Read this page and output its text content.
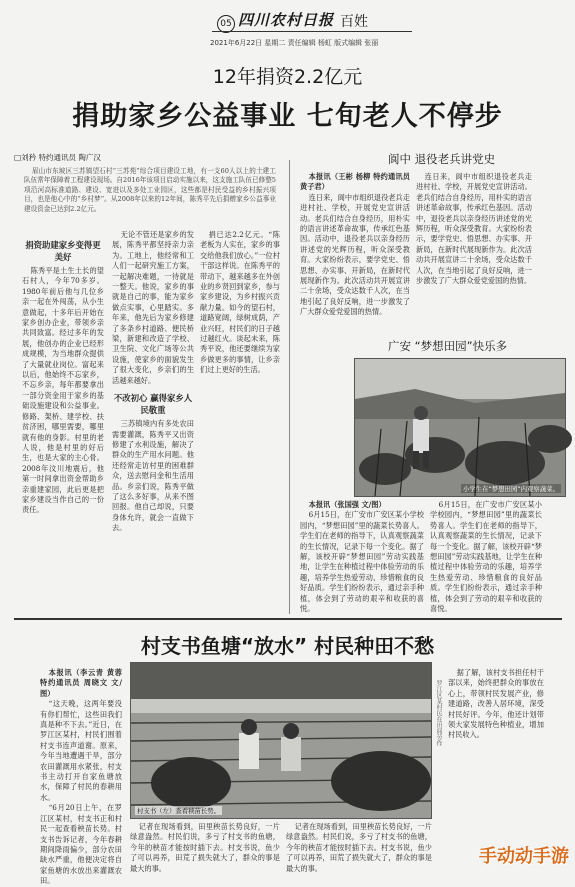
05 四川农村日报 百姓
2021年6月22日 星期二 责任编辑 杨虹 版式编辑 张丽
12年捐资2.2亿元
捐助家乡公益事业 七旬老人不停步
□刘矜 特约通讯员 陶广汉

眉山市东坡区三苏镇望石村“三苏苑”综合项目建设工地，有一支60人以上的土建工队伍常年保障着工程建设现场。自2016年该项目启动实施以来，这支施工队伍已修整5项沿河高标准道路、建设、宽进以及多处工业园区，这些都是村民受益的乡村振兴项目，也是他心中的“乡村梦”。从2008年以来的12年间，陈秀平先后捐赠家乡公益事业建设资金已达到2.2亿元。

捐资助建家乡变得更美好

陈秀平是土生土长的望石村人，今年70多岁。1980年前后他与几位乡亲一起在外闯荡，从小生意做起，十多年后开始在家乡创办企业，带领乡亲共同致富。经过多年的发展，他创办的企业已经形成规模，为当地群众提供了大量就业岗位。富起来以后，他始终不忘家乡，不忘乡亲，每年都要拿出一部分资金用于家乡的基础设施建设和公益事业。修路、架桥、建学校、扶贫济困，哪里需要，哪里就有他的身影。村里的老人说，他是村里的好后生，也是大家的主心骨。2008年汶川地震后，他第一时间拿出资金帮助乡亲重建家园，此后更是把家乡建设当作自己的一份责任。

无论不管还是家乡的发展，陈秀平都坚持亲力亲为。工地上，他经常和工人们一起研究施工方案，一起解决难题，一待就是一整天。他说，家乡的事就是自己的事，能为家乡做点实事，心里踏实。多年来，他先后为家乡修建了多条乡村道路、便民桥梁，新建和改造了学校、卫生院、文化广场等公共设施，使家乡的面貌发生了很大变化，乡亲们的生活越来越好。

不改初心 赢得家乡人民敬重

三苏镇境内有多处农田需要灌溉，陈秀平又出资修建了水利设施，解决了群众的生产用水问题。他还经常走访村里的困难群众，送去慰问金和生活用品。乡亲们说，陈秀平做了这么多好事，从来不图回报。他自己却说，只要身体允许，就会一直做下去。

捐已达2.2亿元。“陈老板为人实在，家乡的事交给他我们放心。”一位村干部这样说。在陈秀平的带动下，越来越多在外创业的乡贤回到家乡，参与家乡建设，为乡村振兴贡献力量。如今的望石村，道路宽阔，绿树成荫，产业兴旺，村民们的日子越过越红火。谈起未来，陈秀平说，他还要继续为家乡做更多的事情，让乡亲们过上更好的生活。

阆中 退役老兵讲党史

本报讯（王彬 杨柳 特约通讯员 黄子君）

连日来，阆中市组织退役老兵走进村社、学校，开展党史宣讲活动。老兵们结合自身经历，用朴实的语言讲述革命故事，传承红色基因。活动中，退役老兵以亲身经历讲述党的光辉历程，听众深受教育。大家纷纷表示，要学党史、悟思想、办实事、开新局，在新时代展现新作为。此次活动共开展宣讲二十余场，受众达数千人次，在当地引起了良好反响，进一步激发了广大群众爱党爱国的热情。

连日来，阆中市组织退役老兵走进村社、学校，开展党史宣讲活动。老兵们结合自身经历，用朴实的语言讲述革命故事，传承红色基因。活动中，退役老兵以亲身经历讲述党的光辉历程，听众深受教育。大家纷纷表示，要学党史、悟思想、办实事、开新局，在新时代展现新作为。此次活动共开展宣讲二十余场，受众达数千人次，在当地引起了良好反响，进一步激发了广大群众爱党爱国的热情。

广安 “梦想田园”快乐多
小学生在“梦想田园”内观察蔬菜。

本报讯（张国强 文/图）

6月15日，在广安市广安区某小学校园内，“梦想田园”里的蔬菜长势喜人。学生们在老师的指导下，认真观察蔬菜的生长情况，记录下每一个变化。据了解，该校开辟“梦想田园”劳动实践基地，让学生在种植过程中体验劳动的乐趣，培养学生热爱劳动、珍惜粮食的良好品质。学生们纷纷表示，通过亲手种植，体会到了劳动的艰辛和收获的喜悦。

6月15日，在广安市广安区某小学校园内，“梦想田园”里的蔬菜长势喜人。学生们在老师的指导下，认真观察蔬菜的生长情况，记录下每一个变化。据了解，该校开辟“梦想田园”劳动实践基地，让学生在种植过程中体验劳动的乐趣，培养学生热爱劳动、珍惜粮食的良好品质。学生们纷纷表示，通过亲手种植，体会到了劳动的艰辛和收获的喜悦。

村支书鱼塘“放水” 村民种田不愁

本报讯（李云青 黄蓉 特约通讯员 周晓文 文/图）

“这天晚，这两年要没有你们帮忙，这些田我们真是种不下去。”近日，在罗江区某村，村民们围着村支书连声道谢。原来，今年当地遭遇干旱，部分农田灌溉用水紧张，村支书主动打开自家鱼塘放水，保障了村民的春耕用水。

“6月20日上午，在罗江区某村，村支书正和村民一起查看秧苗长势。村支书告诉记者，今年春耕期间降雨偏少，部分农田缺水严重，他便决定将自家鱼塘的水放出来灌溉农田。

村支书（左）查看秧苗长势。
罗江区某村民在田间劳作

记者在现场看到，田里秧苗长势良好，一片绿意盎然。村民们说，多亏了村支书的鱼塘，今年的秧苗才能按时插下去。村支书说，鱼少了可以再养，田荒了损失就大了，群众的事是最大的事。

记者在现场看到，田里秧苗长势良好，一片绿意盎然。村民们说，多亏了村支书的鱼塘，今年的秧苗才能按时插下去。村支书说，鱼少了可以再养，田荒了损失就大了，群众的事是最大的事。

据了解，该村支书担任村干部以来，始终把群众的事放在心上，带领村民发展产业，修建道路，改善人居环境，深受村民好评。今年，他还计划带领大家发展特色种植业，增加村民收入。

手动动手游
